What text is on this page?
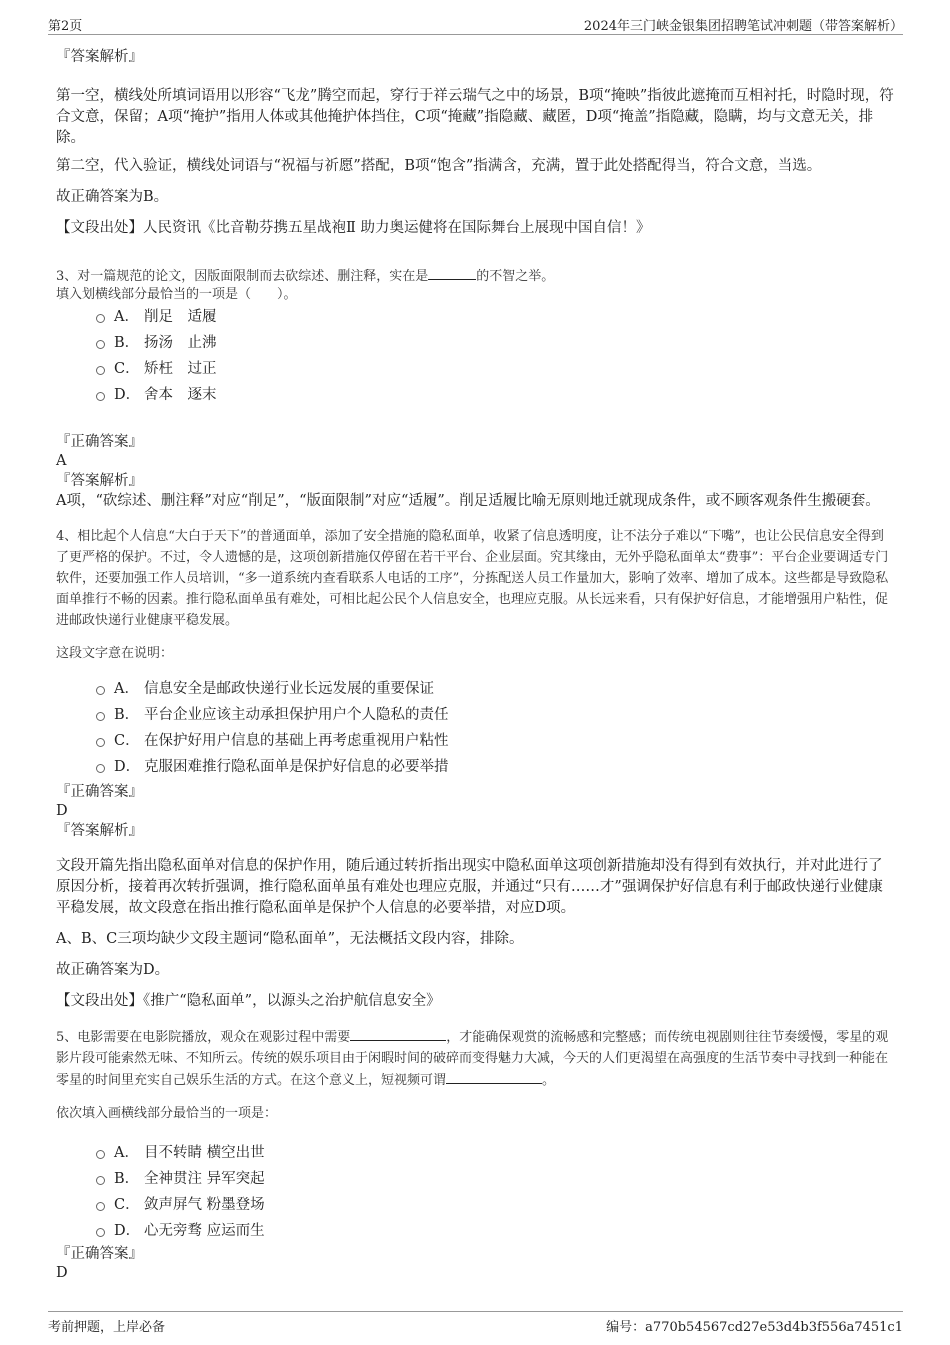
第2页	2024年三门峡金银集团招聘笔试冲刺题（带答案解析）

『答案解析』

第一空，横线处所填词语用以形容“飞龙”腾空而起，穿行于祥云瑞气之中的场景，B项“掩映”指彼此遮掩而互相衬托，时隐时现，符合文意，保留；A项“掩护”指用人体或其他掩护体挡住，C项“掩藏”指隐藏、藏匿，D项“掩盖”指隐藏，隐瞒，均与文意无关，排除。

第二空，代入验证，横线处词语与“祝福与祈愿”搭配，B项“饱含”指满含，充满，置于此处搭配得当，符合文意，当选。

故正确答案为B。

【文段出处】人民资讯《比音勒芬携五星战袍Ⅱ 助力奥运健将在国际舞台上展现中国自信！》

3、对一篇规范的论文，因版面限制而去砍综述、删注释，实在是	的不智之举。

填入划横线部分最恰当的一项是（　　）。

A． 削足　适履
B． 扬汤　止沸
C． 矫枉　过正
D． 舍本　逐末

『正确答案』

A

『答案解析』

A项，“砍综述、删注释”对应“削足”，“版面限制”对应“适履”。削足适履比喻无原则地迁就现成条件，或不顾客观条件生搬硬套。

4、相比起个人信息“大白于天下”的普通面单，添加了安全措施的隐私面单，收紧了信息透明度，让不法分子难以“下嘴”，也让公民信息安全得到了更严格的保护。不过，令人遗憾的是，这项创新措施仅停留在若干平台、企业层面。究其缘由，无外乎隐私面单太“费事”：平台企业要调适专门软件，还要加强工作人员培训，“多一道系统内查看联系人电话的工序”，分拣配送人员工作量加大，影响了效率、增加了成本。这些都是导致隐私面单推行不畅的因素。推行隐私面单虽有难处，可相比起公民个人信息安全，也理应克服。从长远来看，只有保护好信息，才能增强用户粘性，促进邮政快递行业健康平稳发展。

这段文字意在说明：

A． 信息安全是邮政快递行业长远发展的重要保证
B． 平台企业应该主动承担保护用户个人隐私的责任
C． 在保护好用户信息的基础上再考虑重视用户粘性
D． 克服困难推行隐私面单是保护好信息的必要举措

『正确答案』

D

『答案解析』

文段开篇先指出隐私面单对信息的保护作用，随后通过转折指出现实中隐私面单这项创新措施却没有得到有效执行，并对此进行了原因分析，接着再次转折强调，推行隐私面单虽有难处也理应克服，并通过“只有……才”强调保护好信息有利于邮政快递行业健康平稳发展，故文段意在指出推行隐私面单是保护个人信息的必要举措，对应D项。

A、B、C三项均缺少文段主题词“隐私面单”，无法概括文段内容，排除。

故正确答案为D。

【文段出处】《推广“隐私面单”，以源头之治护航信息安全》

5、电影需要在电影院播放，观众在观影过程中需要	，才能确保观赏的流畅感和完整感；而传统电视剧则往往节奏缓慢，零星的观影片段可能索然无味、不知所云。传统的娱乐项目由于闲暇时间的破碎而变得魅力大减，今天的人们更渴望在高强度的生活节奏中寻找到一种能在零星的时间里充实自己娱乐生活的方式。在这个意义上，短视频可谓	。

依次填入画横线部分最恰当的一项是：

A． 目不转睛 横空出世
B． 全神贯注 异军突起
C． 敛声屏气 粉墨登场
D． 心无旁骛 应运而生

『正确答案』

D

考前押题，上岸必备	编号：a770b54567cd27e53d4b3f556a7451c1
